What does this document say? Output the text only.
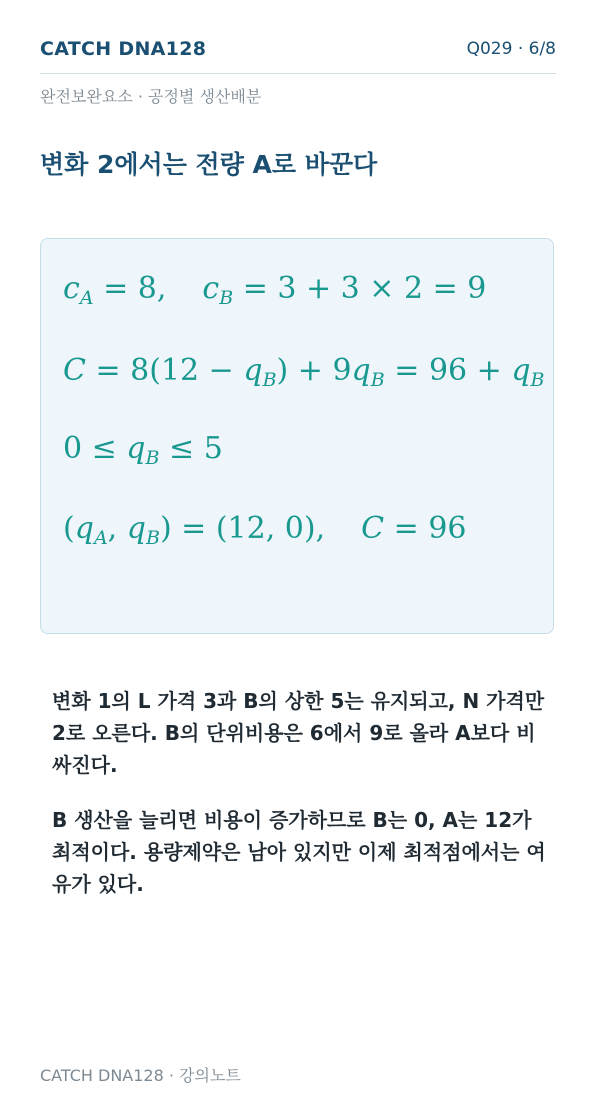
CATCH DNA128	Q029 · 6/8
완전보완요소 · 공정별 생산배분
변화 2에서는 전량 A로 바꾼다
$c_A = 8$, $c_B = 3 + 3 \times 2 = 9$
$C = 8(12 - q_B) + 9q_B = 96 + q_B$
$0 \le q_B \le 5$
($q_A$, $q_B) = (12$, 0), C = 96

변화 1의 L 가격 3과 B의 상한 5는 유지되고, N 가격만 2로 오른다. B의 단위비용은 6에서 9로 올라 A보다 비싸진다.

B 생산을 늘리면 비용이 증가하므로 B는 0, A는 12가 최적이다. 용량제약은 남아 있지만 이제 최적점에서는 여유가 있다.

CATCH DNA128 · 강의노트
